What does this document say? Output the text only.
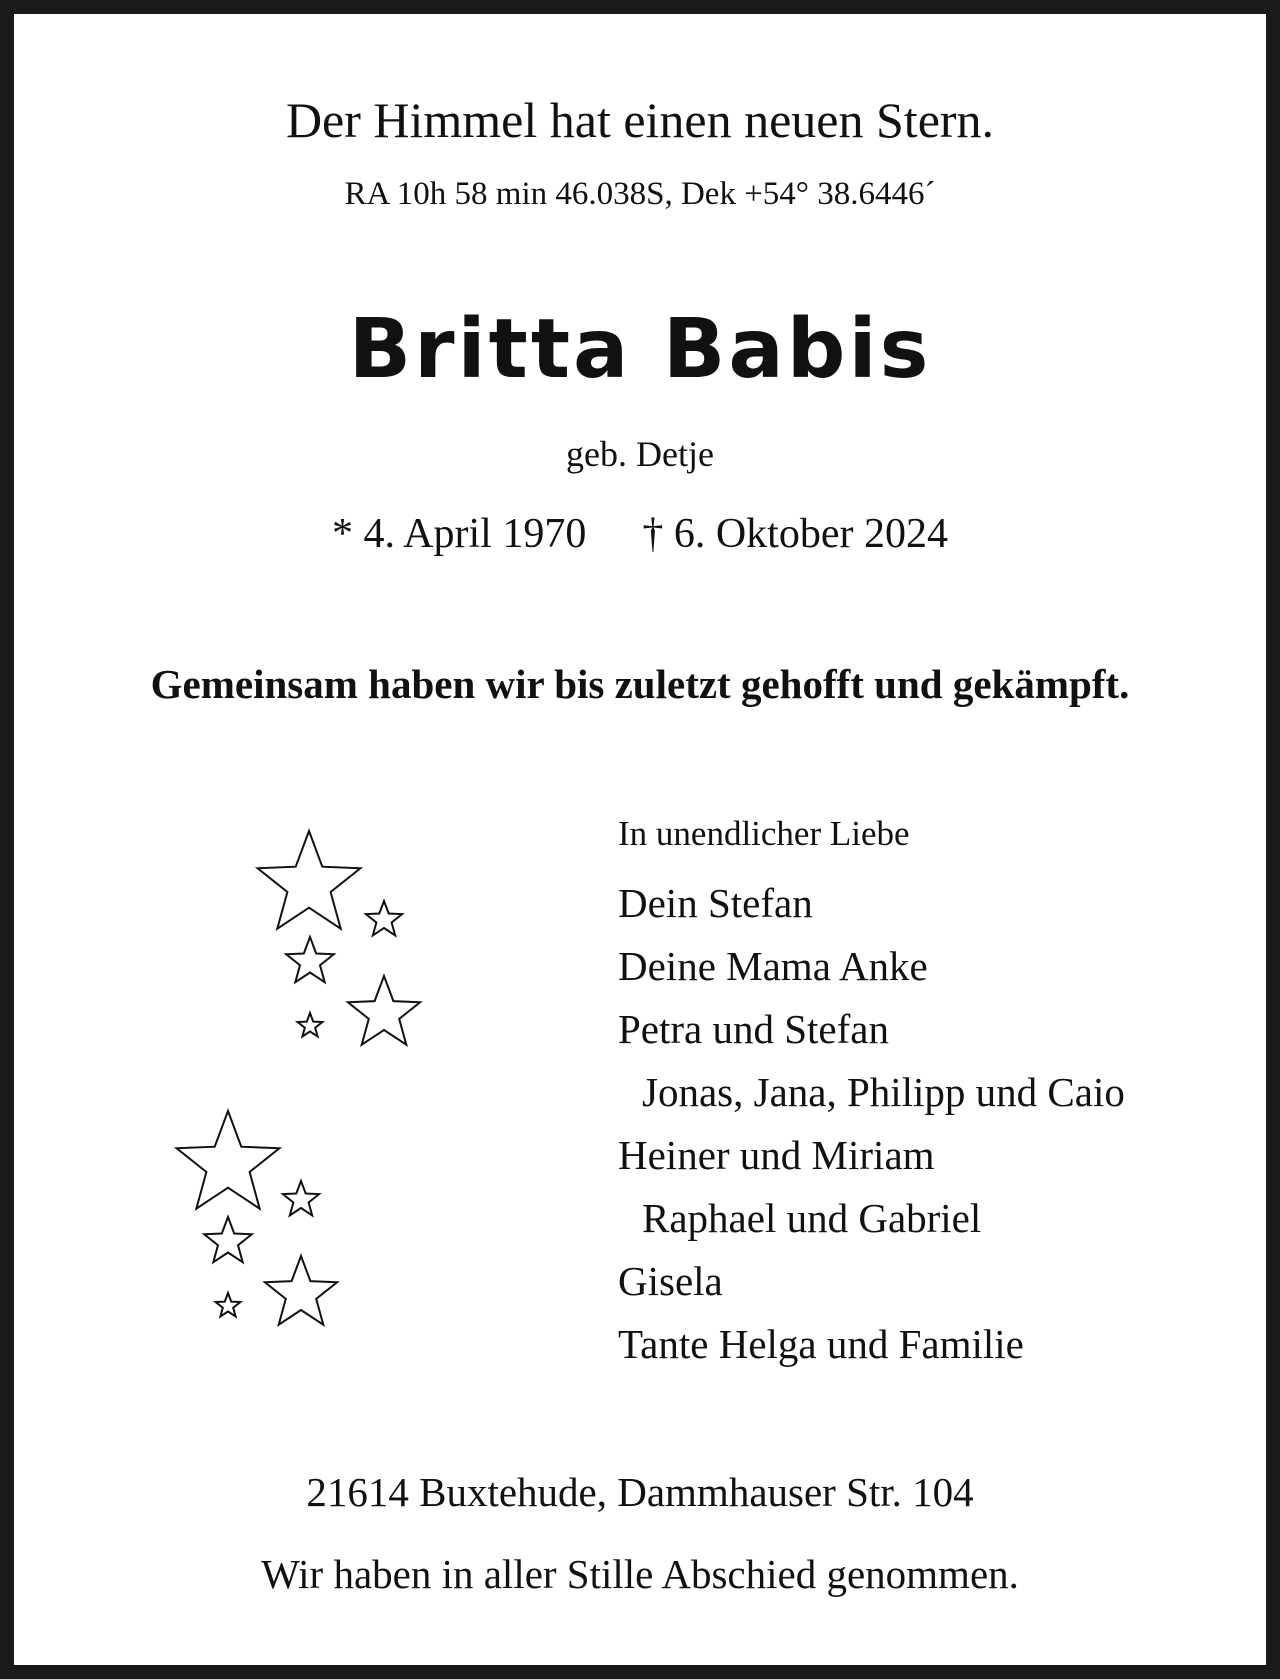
Der Himmel hat einen neuen Stern.
RA 10h 58 min 46.038S, Dek +54° 38.6446´
Britta Babis
geb. Detje
* 4. April 1970 † 6. Oktober 2024
Gemeinsam haben wir bis zuletzt gehofft und gekämpft.
In unendlicher Liebe
Dein Stefan
Deine Mama Anke
Petra und Stefan
Jonas, Jana, Philipp und Caio
Heiner und Miriam
Raphael und Gabriel
Gisela
Tante Helga und Familie
21614 Buxtehude, Dammhauser Str. 104
Wir haben in aller Stille Abschied genommen.
